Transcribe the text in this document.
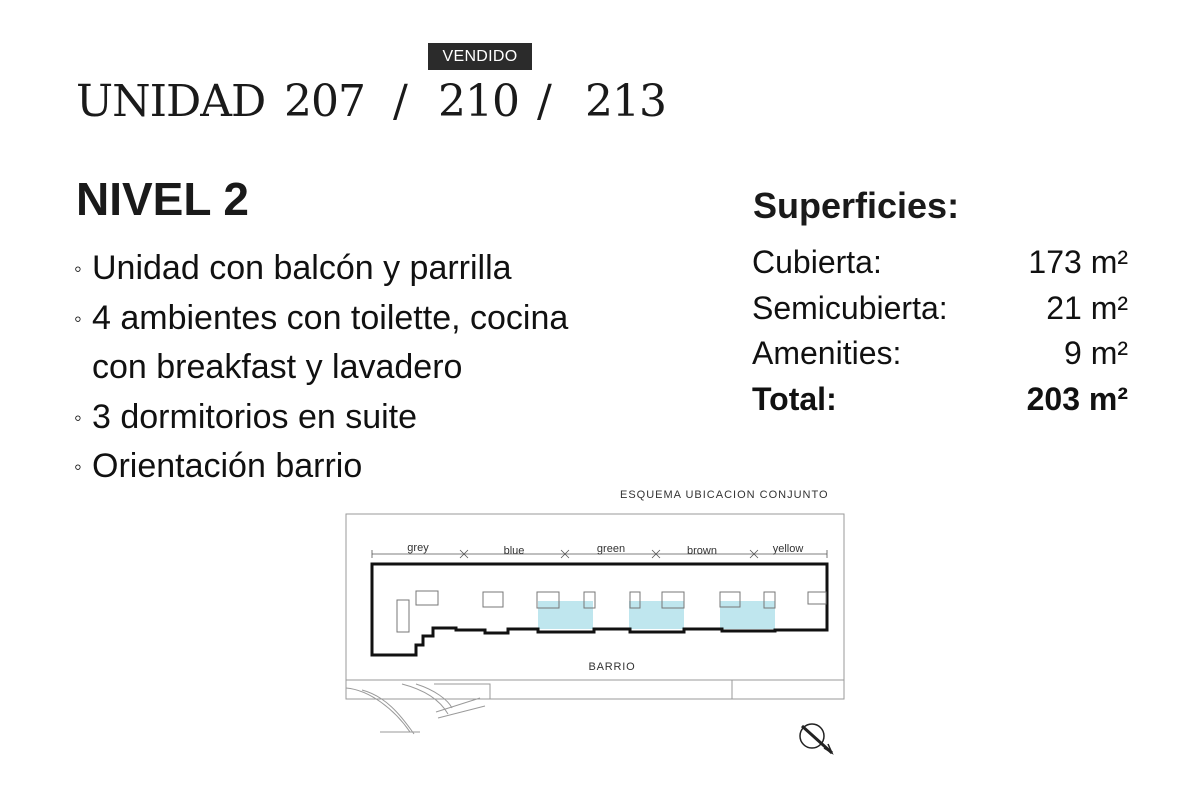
VENDIDO
UNIDAD 207 / 210 / 213
NIVEL 2
◦ Unidad con balcón y parrilla
◦ 4 ambientes con toilette, cocina
con breakfast y lavadero
◦ 3 dormitorios en suite
◦ Orientación barrio
Superficies:
Cubierta:	173 m²
Semicubierta:	21 m²
Amenities:	9 m²
Total:	203 m²
ESQUEMA UBICACION CONJUNTO
grey	blue	green	brown	yellow
BARRIO
